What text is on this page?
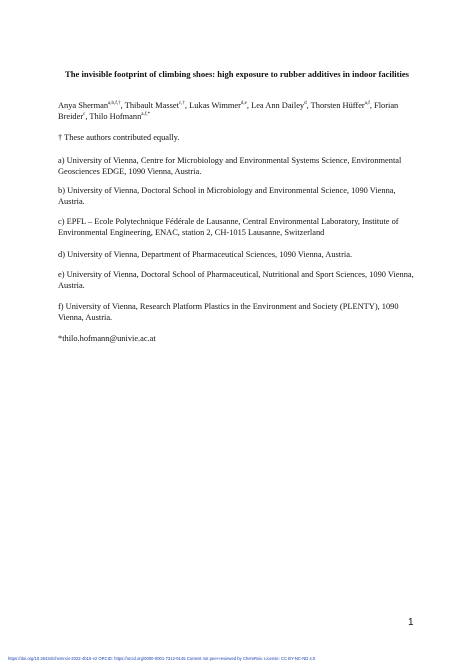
The invisible footprint of climbing shoes: high exposure to rubber additives in indoor facilities
Anya Sherman$^{a,b,f,\dagger}$, Thibault Masset$^{c,\dagger}$, Lukas Wimmer$^{d,e}$, Lea Ann Dailey$^d$, Thorsten Hüffer$^{a,f}$, Florian Breider$^c$, Thilo Hofmann$^{a,f,*}$
† These authors contributed equally.
a) University of Vienna, Centre for Microbiology and Environmental Systems Science, Environmental Geosciences EDGE, 1090 Vienna, Austria.
b) University of Vienna, Doctoral School in Microbiology and Environmental Science, 1090 Vienna, Austria.
c) EPFL – Ecole Polytechnique Fédérale de Lausanne, Central Environmental Laboratory, Institute of Environmental Engineering, ENAC, station 2, CH-1015 Lausanne, Switzerland
d) University of Vienna, Department of Pharmaceutical Sciences, 1090 Vienna, Austria.
e) University of Vienna, Doctoral School of Pharmaceutical, Nutritional and Sport Sciences, 1090 Vienna, Austria.
f) University of Vienna, Research Platform Plastics in the Environment and Society (PLENTY), 1090 Vienna, Austria.
*thilo.hofmann@univie.ac.at
1
https://doi.org/10.26434/chemrxiv-2022-4b15-v2 ORCID: https://orcid.org/0000-0001-7312-9145 Content not peer-reviewed by ChemRxiv. License: CC BY-NC-ND 4.0
